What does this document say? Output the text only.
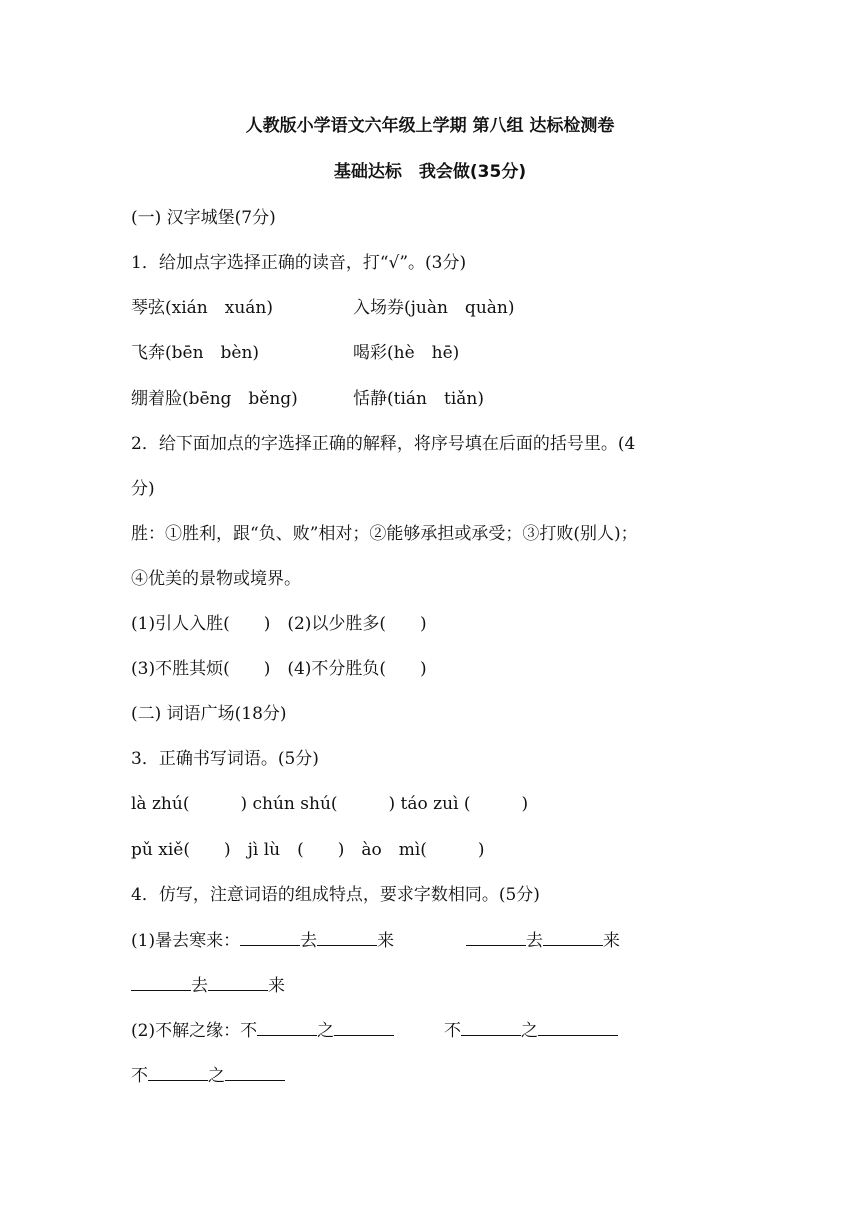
人教版小学语文六年级上学期 第八组 达标检测卷
基础达标　我会做(35分)
(一) 汉字城堡(7分)
1．给加点字选择正确的读音，打“√”。(3分)
琴弦(xián　xuán)	入场券(juàn　quàn)
飞奔(bēn　bèn)	喝彩(hè　hē)
绷着脸(bēng　běng)	恬静(tián　tiǎn)
2．给下面加点的字选择正确的解释，将序号填在后面的括号里。(4
分)
胜：①胜利，跟“负、败”相对；②能够承担或承受；③打败(别人)；
④优美的景物或境界。
(1)引人入胜(　　)　(2)以少胜多(　　)
(3)不胜其烦(　　)　(4)不分胜负(　　)
(二) 词语广场(18分)
3．正确书写词语。(5分)
là zhú(　　　) chún shú(　　　) táo zuì (　　　)
pǔ xiě(　　)　jì lù　(　　)　ào　mì(　　　)
4．仿写，注意词语的组成特点，要求字数相同。(5分)
(1)暑去寒来：	去	来	去	来
去	来
(2)不解之缘：不	之	不	之
不	之
